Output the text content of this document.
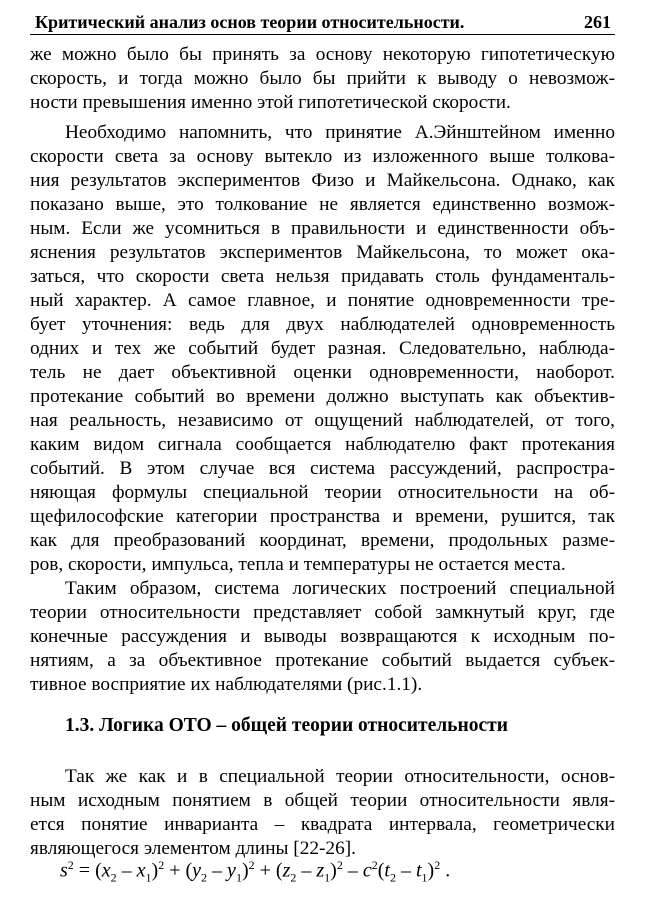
Критический анализ основ теории относительности.	261
же можно было бы принять за основу некоторую гипотетическую
скорость, и тогда можно было бы прийти к выводу о невозмож-
ности превышения именно этой гипотетической скорости.
Необходимо напомнить, что принятие А.Эйнштейном именно
скорости света за основу вытекло из изложенного выше толкова-
ния результатов экспериментов Физо и Майкельсона. Однако, как
показано выше, это толкование не является единственно возмож-
ным. Если же усомниться в правильности и единственности объ-
яснения результатов экспериментов Майкельсона, то может ока-
заться, что скорости света нельзя придавать столь фундаменталь-
ный характер. А самое главное, и понятие одновременности тре-
бует уточнения: ведь для двух наблюдателей одновременность
одних и тех же событий будет разная. Следовательно, наблюда-
тель не дает объективной оценки одновременности, наоборот.
протекание событий во времени должно выступать как объектив-
ная реальность, независимо от ощущений наблюдателей, от того,
каким видом сигнала сообщается наблюдателю факт протекания
событий. В этом случае вся система рассуждений, распростра-
няющая формулы специальной теории относительности на об-
щефилософские категории пространства и времени, рушится, так
как для преобразований координат, времени, продольных разме-
ров, скорости, импульса, тепла и температуры не остается места.
Таким образом, система логических построений специальной
теории относительности представляет собой замкнутый круг, где
конечные рассуждения и выводы возвращаются к исходным по-
нятиям, а за объективное протекание событий выдается субъек-
тивное восприятие их наблюдателями (рис.1.1).
1.3. Логика ОТО – общей теории относительности
Так же как и в специальной теории относительности, основ-
ным исходным понятием в общей теории относительности явля-
ется понятие инварианта – квадрата интервала, геометрически
являющегося элементом длины [22-26].
$s^2 = (x_2 - x_1)^2 + (y_2 - y_1)^2 + (z_2 - z_1)^2 - c^2(t_2 - t_1)^2$ .
